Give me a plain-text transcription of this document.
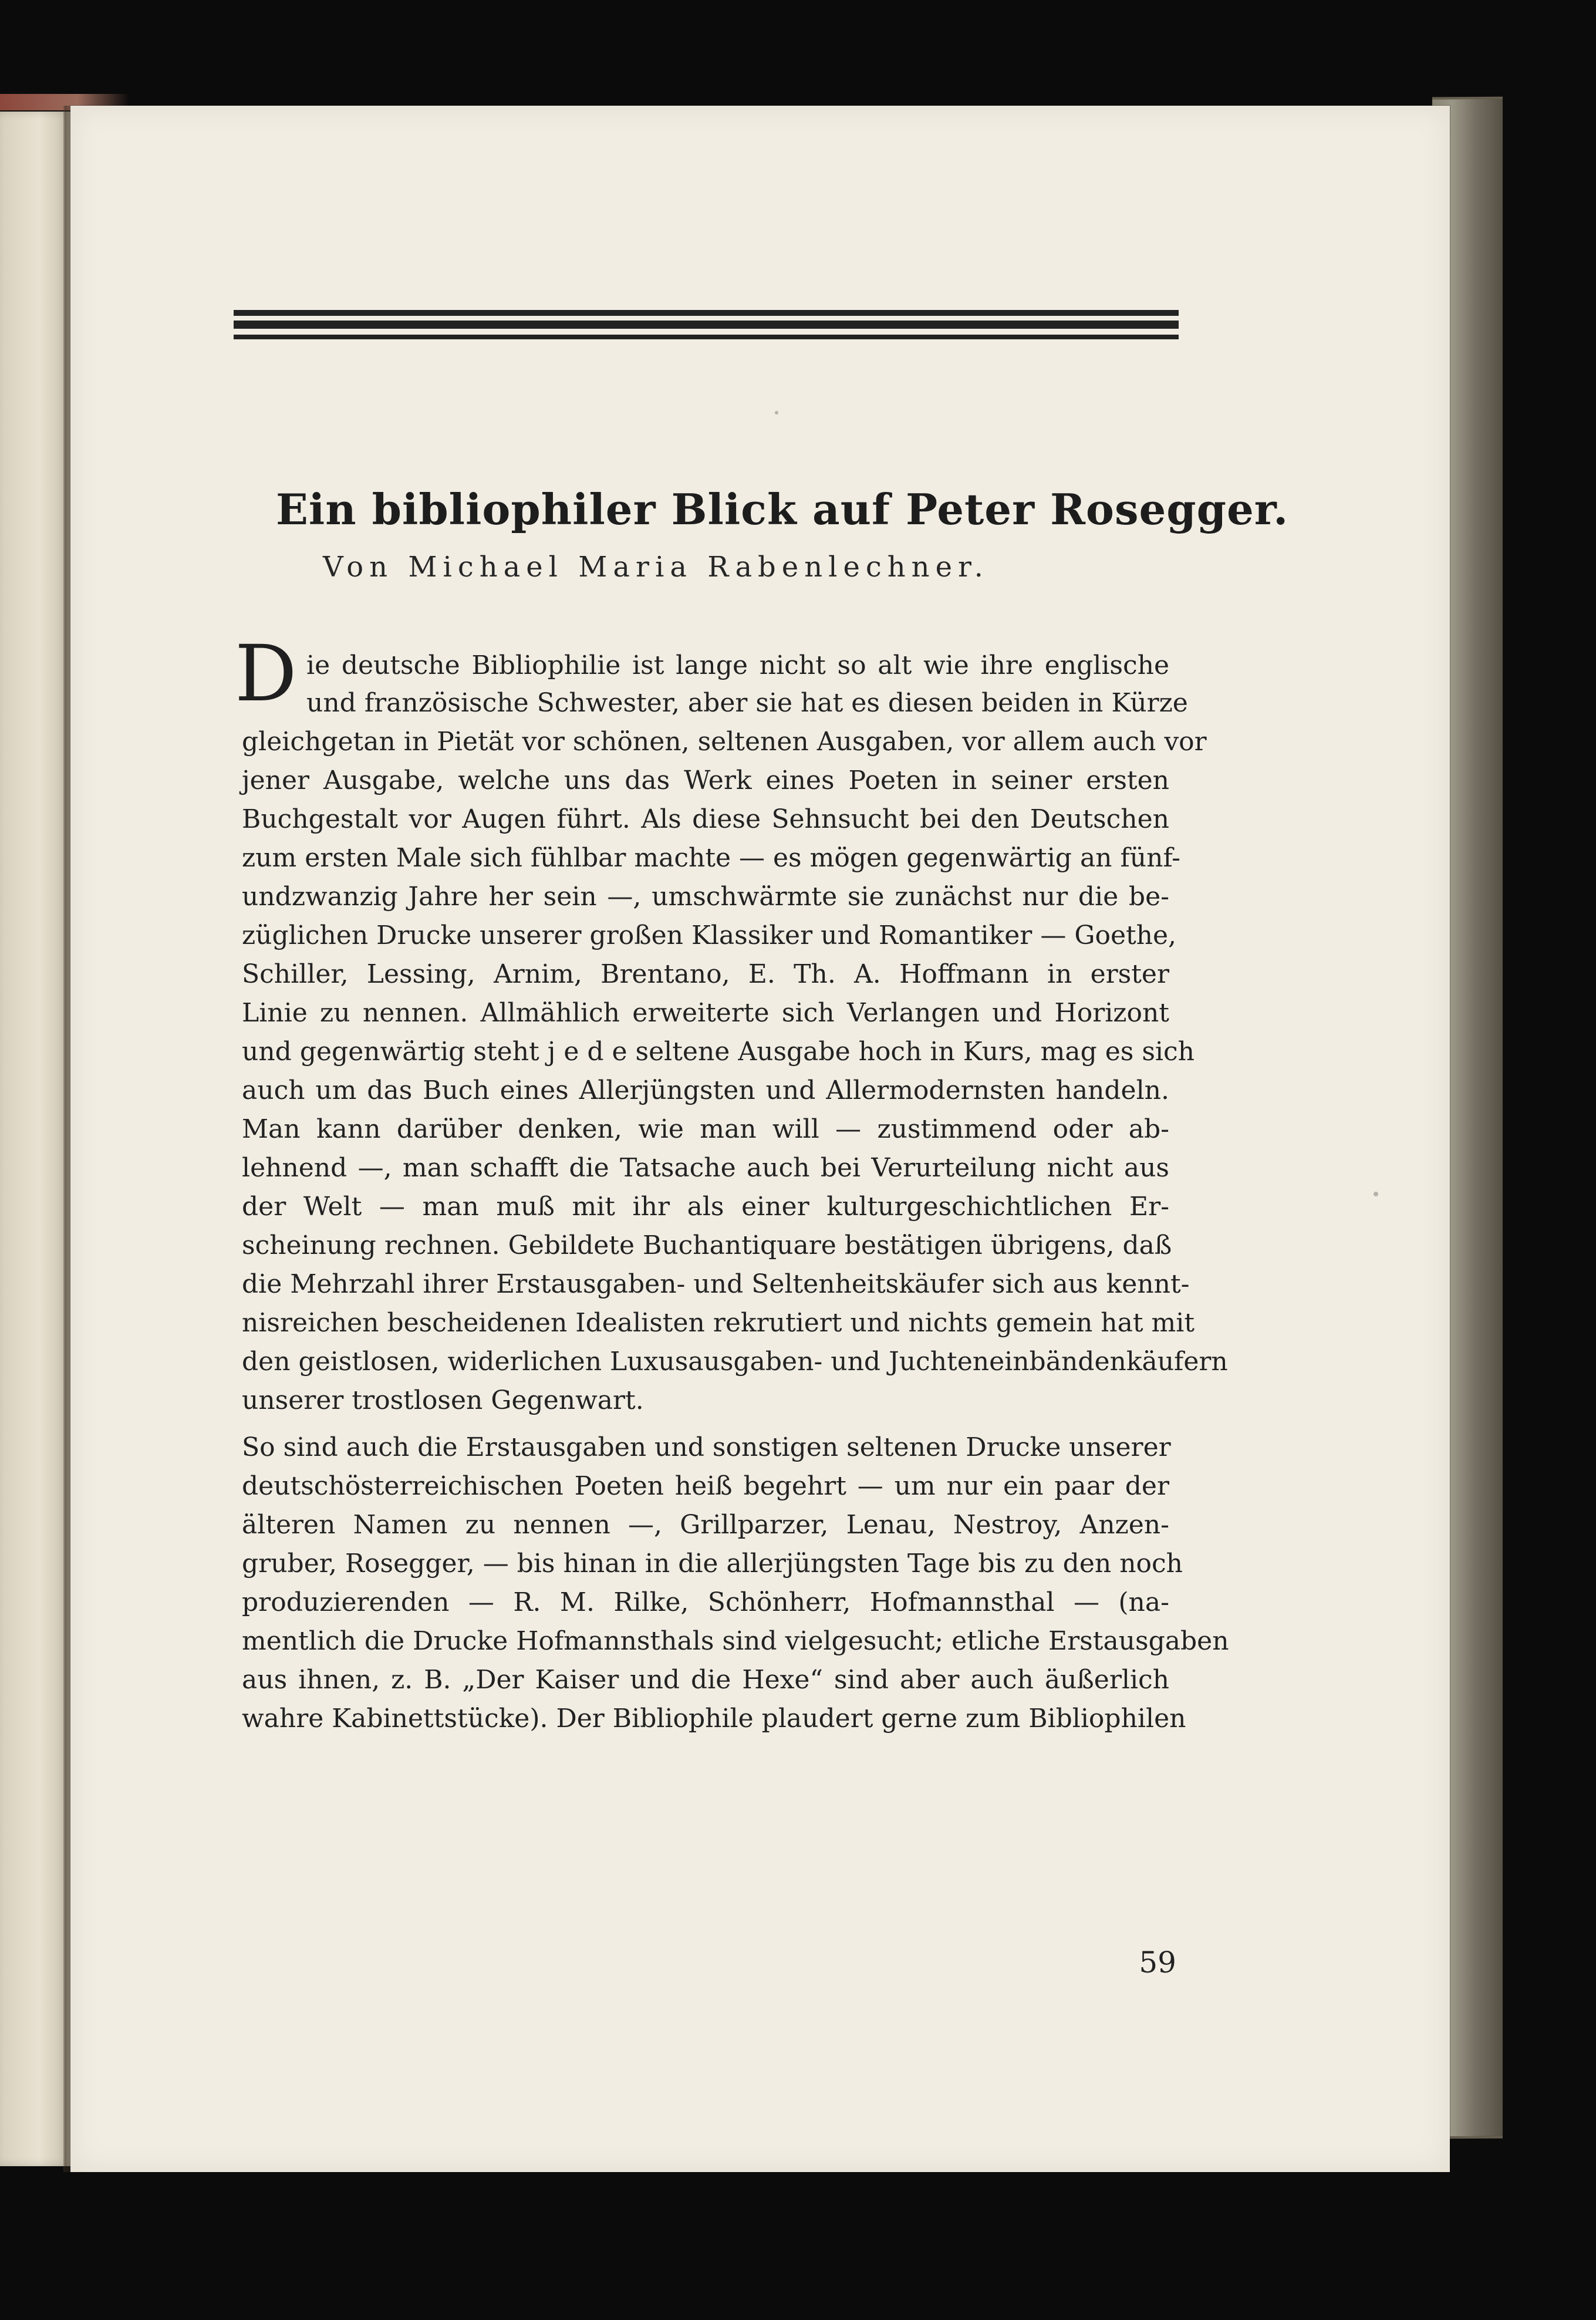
Ein bibliophiler Blick auf Peter Rosegger.
Von Michael Maria Rabenlechner.
D ie deutsche Bibliophilie ist lange nicht so alt wie ihre englische
und französische Schwester, aber sie hat es diesen beiden in Kürze
gleichgetan in Pietät vor schönen, seltenen Ausgaben, vor allem auch vor
jener Ausgabe, welche uns das Werk eines Poeten in seiner ersten
Buchgestalt vor Augen führt. Als diese Sehnsucht bei den Deutschen
zum ersten Male sich fühlbar machte — es mögen gegenwärtig an fünf-
undzwanzig Jahre her sein —, umschwärmte sie zunächst nur die be-
züglichen Drucke unserer großen Klassiker und Romantiker — Goethe,
Schiller, Lessing, Arnim, Brentano, E. Th. A. Hoffmann in erster
Linie zu nennen. Allmählich erweiterte sich Verlangen und Horizont
und gegenwärtig steht j e d e seltene Ausgabe hoch in Kurs, mag es sich
auch um das Buch eines Allerjüngsten und Allermodernsten handeln.
Man kann darüber denken, wie man will — zustimmend oder ab-
lehnend —, man schafft die Tatsache auch bei Verurteilung nicht aus
der Welt — man muß mit ihr als einer kulturgeschichtlichen Er-
scheinung rechnen. Gebildete Buchantiquare bestätigen übrigens, daß
die Mehrzahl ihrer Erstausgaben- und Seltenheitskäufer sich aus kennt-
nisreichen bescheidenen Idealisten rekrutiert und nichts gemein hat mit
den geistlosen, widerlichen Luxusausgaben- und Juchteneinbändenkäufern
unserer trostlosen Gegenwart.
So sind auch die Erstausgaben und sonstigen seltenen Drucke unserer
deutschösterreichischen Poeten heiß begehrt — um nur ein paar der
älteren Namen zu nennen —, Grillparzer, Lenau, Nestroy, Anzen-
gruber, Rosegger, — bis hinan in die allerjüngsten Tage bis zu den noch
produzierenden — R. M. Rilke, Schönherr, Hofmannsthal — (na-
mentlich die Drucke Hofmannsthals sind vielgesucht; etliche Erstausgaben
aus ihnen, z. B. „Der Kaiser und die Hexe“ sind aber auch äußerlich
wahre Kabinettstücke). Der Bibliophile plaudert gerne zum Bibliophilen
59
